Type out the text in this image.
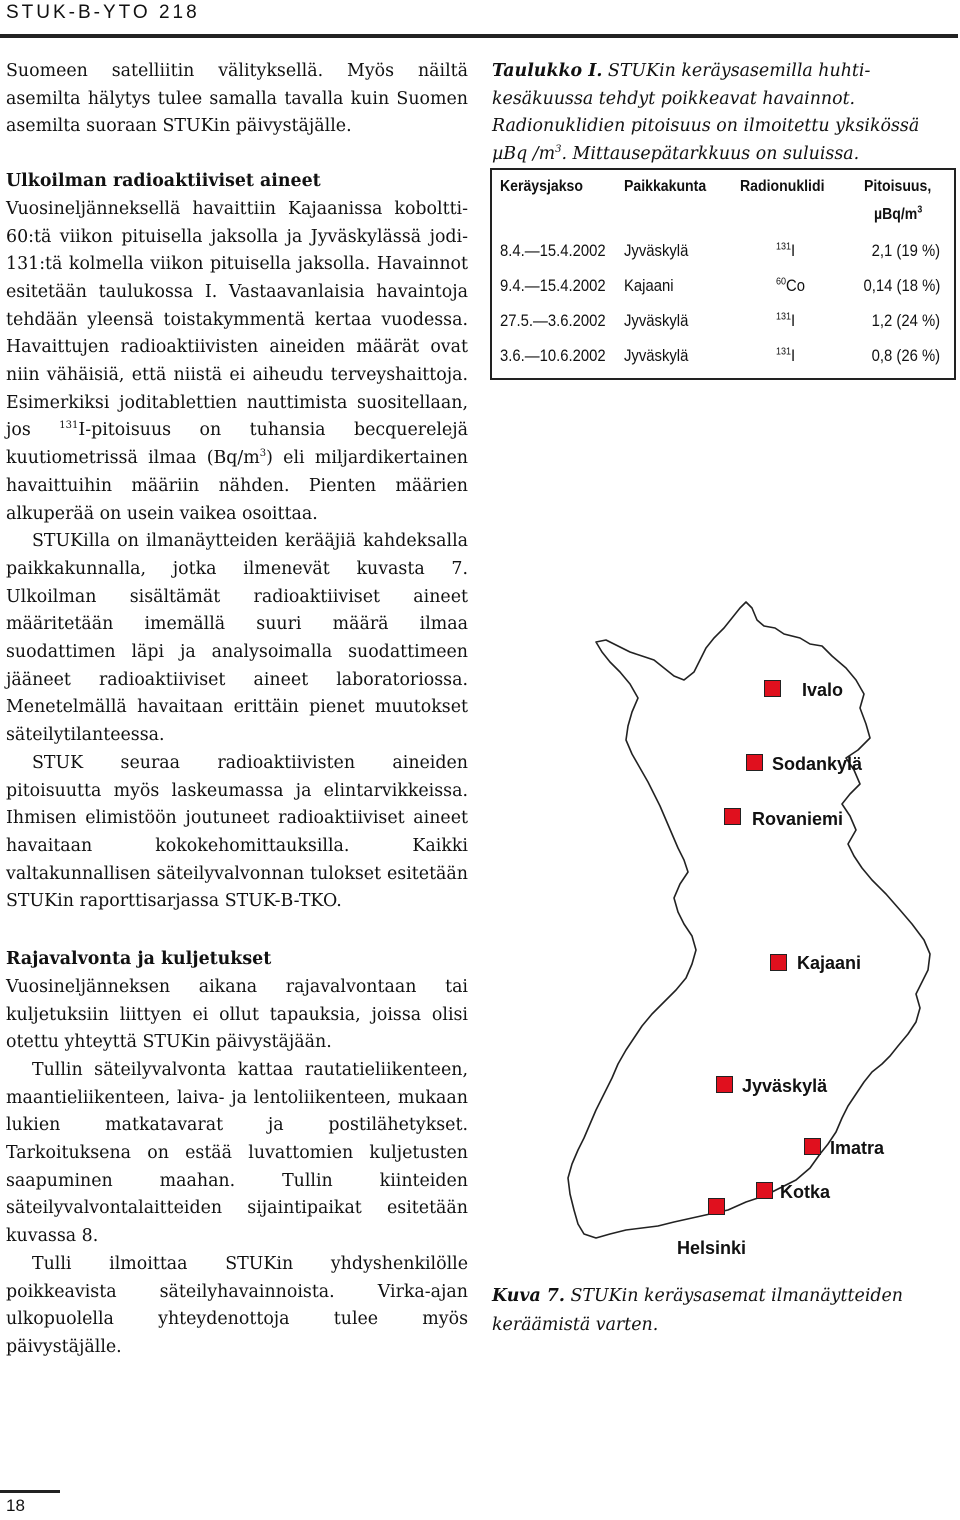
STUK-B-YTO 218

Suomeen satelliitin välityksellä. Myös näiltä asemilta hälytys tulee samalla tavalla kuin Suomen asemilta suoraan STUKin päivystäjälle.

Ulkoilman radioaktiiviset aineet

Vuosineljänneksellä havaittiin Kajaanissa koboltti-60:tä viikon pituisella jaksolla ja Jyväskylässä jodi-131:tä kolmella viikon pituisella jaksolla. Havainnot esitetään taulukossa I. Vastaavanlaisia havaintoja tehdään yleensä toistakymmentä kertaa vuodessa. Havaittujen radioaktiivisten aineiden määrät ovat niin vähäisiä, että niistä ei aiheudu terveyshaittoja. Esimerkiksi joditablettien nauttimista suositellaan, jos $^{131}$I-pitoisuus on tuhansia becquerelejä kuutiometrissä ilmaa $(Bq/m^3)$ eli miljardikertainen havaittuihin määriin nähden. Pienten määrien alkuperää on usein vaikea osoittaa.

STUKilla on ilmanäytteiden kerääjiä kahdeksalla paikkakunnalla, jotka ilmenevät kuvasta 7. Ulkoilman sisältämät radioaktiiviset aineet määritetään imemällä suuri määrä ilmaa suodattimen läpi ja analysoimalla suodattimeen jääneet radioaktiiviset aineet laboratoriossa. Menetelmällä havaitaan erittäin pienet muutokset säteilytilanteessa.

STUK seuraa radioaktiivisten aineiden pitoisuutta myös laskeumassa ja elintarvikkeissa. Ihmisen elimistöön joutuneet radioaktiiviset aineet havaitaan kokokehomittauksilla. Kaikki valtakunnallisen säteilyvalvonnan tulokset esitetään STUKin raporttisarjassa STUK-B-TKO.

Rajavalvonta ja kuljetukset

Vuosineljänneksen aikana rajavalvontaan tai kuljetuksiin liittyen ei ollut tapauksia, joissa olisi otettu yhteyttä STUKin päivystäjään.

Tullin säteilyvalvonta kattaa rautatieliikenteen, maantieliikenteen, laiva- ja lentoliikenteen, mukaan lukien matkatavarat ja postilähetykset. Tarkoituksena on estää luvattomien kuljetusten saapuminen maahan. Tullin kiinteiden säteilyvalvontalaitteiden sijaintipaikat esitetään kuvassa 8.

Tulli ilmoittaa STUKin yhdyshenkilölle poikkeavista säteilyhavainnoista. Virka-ajan ulkopuolella yhteydenottoja tulee myös päivystäjälle.

Taulukko I. STUKin keräysasemilla huhti-kesäkuussa tehdyt poikkeavat havainnot. Radionuklidien pitoisuus on ilmoitettu yksikössä µBq $/m^3$. Mittausepätarkkuus on suluissa.
Keräysjakso	Paikkakunta Radionuklidi Pitoisuus,
µBq/$m^3$
8.4.—15.4.2002 Jyväskylä	$^{131}$I	2,1 (19 %)
9.4.—15.4.2002 Kajaani	$^{60}$Co	0,14 (18 %)
27.5.—3.6.2002 Jyväskylä	$^{131}$I	1,2 (24 %)
3.6.—10.6.2002 Jyväskylä	$^{131}$I	0,8 (26 %)
Ivalo
Sodankylä
Rovaniemi
Kajaani
Jyväskylä
Imatra
Kotka
Helsinki
Kuva 7. STUKin keräysasemat ilmanäytteiden keräämistä varten.
18
